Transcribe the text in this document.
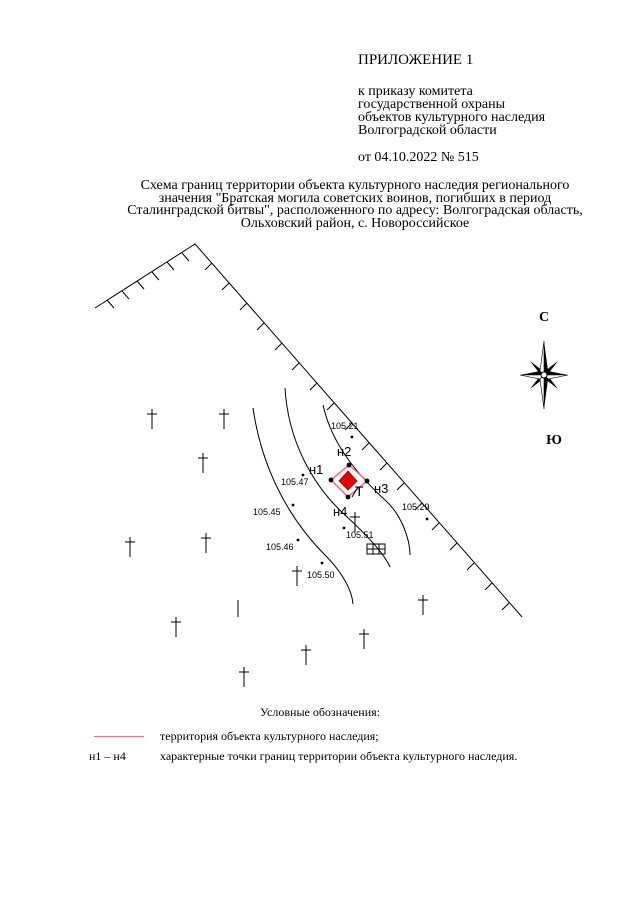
ПРИЛОЖЕНИЕ 1
к приказу комитета
государственной охраны
объектов культурного наследия
Волгоградской области
от 04.10.2022 № 515
Схема границ территории объекта культурного наследия регионального
значения "Братская могила советских воинов, погибших в период
Сталинградской битвы", расположенного по адресу: Волгоградская область,
Ольховский район, с. Новороссийское
105.21
105.47
105.29
105.45
105.51
105.46
105.50
н1
н2
н3
н4
Т
С
Ю
Условные обозначения:
территория объекта культурного наследия;
н1 – н4	характерные точки границ территории объекта культурного наследия.
